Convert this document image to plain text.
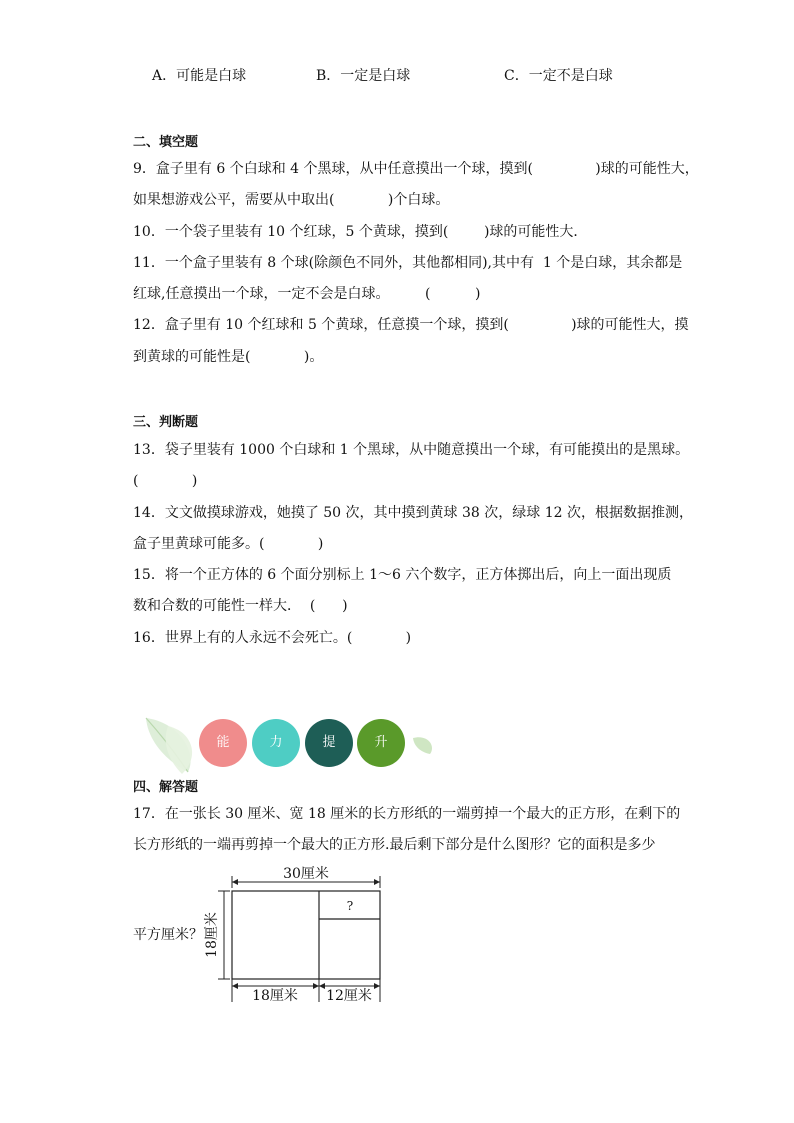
A．可能是白球	B．一定是白球	C．一定不是白球
二、填空题
9．盒子里有 6 个白球和 4 个黑球，从中任意摸出一个球，摸到(              )球的可能性大，
如果想游戏公平，需要从中取出(            )个白球。
10．一个袋子里装有 10 个红球，5 个黄球，摸到(        )球的可能性大．
11．一个盒子里装有 8 个球(除颜色不同外，其他都相同),其中有  1 个是白球，其余都是
红球,任意摸出一个球，一定不会是白球。        (          )
12．盒子里有 10 个红球和 5 个黄球，任意摸一个球，摸到(              )球的可能性大，摸
到黄球的可能性是(            )。
三、判断题
13．袋子里装有 1000 个白球和 1 个黑球，从中随意摸出一个球，有可能摸出的是黑球。
(            )
14．文文做摸球游戏，她摸了 50 次，其中摸到黄球 38 次，绿球 12 次，根据数据推测，
盒子里黄球可能多。(            )
15．将一个正方体的 6 个面分别标上 1～6 六个数字，正方体掷出后，向上一面出现质
数和合数的可能性一样大．  (      )
16．世界上有的人永远不会死亡。(            )
能	力	提	升
四、解答题
17．在一张长 30 厘米、宽 18 厘米的长方形纸的一端剪掉一个最大的正方形，在剩下的
长方形纸的一端再剪掉一个最大的正方形.最后剩下部分是什么图形？它的面积是多少
平方厘米？
30厘米
?
18厘米
18厘米 12厘米
